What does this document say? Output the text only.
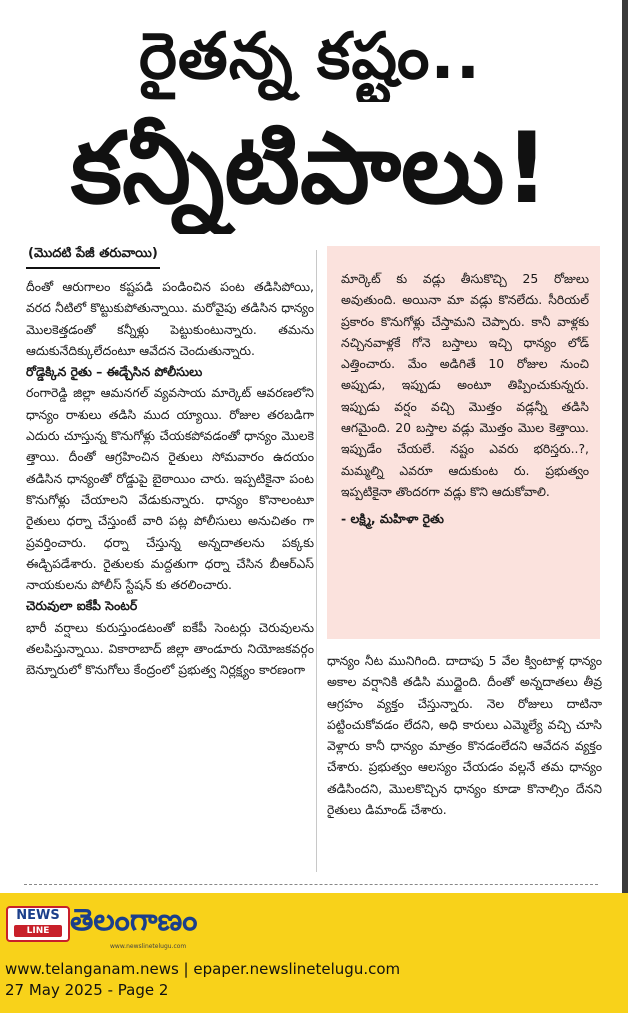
రైతన్న కష్టం..
కన్నీటిపాలు!
(మొదటి పేజీ తరువాయి)

దీంతో ఆరుగాలం కష్టపడి పండించిన పంట తడిసిపోయి, వరద నీటిలో కొట్టుకుపోతున్నాయి. మరోవైపు తడిసిన ధాన్యం మొలకెత్తడంతో కన్నీళ్లు పెట్టుకుంటున్నారు. తమను ఆదుకునేదిక్కులేదంటూ ఆవేదన చెందుతున్నారు.

రోడ్డెక్కిన రైతు – ఈడ్చేసిన పోలీసులు

రంగారెడ్డి జిల్లా ఆమనగల్ వ్యవసాయ మార్కెట్ ఆవరణలోని ధాన్యం రాశులు తడిసి ముద య్యాయి. రోజుల తరబడిగా ఎదురు చూస్తున్న కొనుగోళ్లు చేయకపోవడంతో ధాన్యం మొలకె త్తాయి. దీంతో ఆగ్రహించిన రైతులు సోమవారం ఉదయం తడిసిన ధాన్యంతో రోడ్డుపై బైఠాయిం చారు. ఇప్పటికైనా పంట కొనుగోళ్లు చేయాలని వేడుకున్నారు. ధాన్యం కొనాలంటూ రైతులు ధర్నా చేస్తుంటే వారి పట్ల పోలీసులు అనుచితం గా ప్రవర్తించారు. ధర్నా చేస్తున్న అన్నదాతలను పక్కకు ఈడ్చిపడేశారు. రైతులకు మద్దతుగా ధర్నా చేసిన బీఆర్ఎస్ నాయకులను పోలీస్ స్టేషన్ కు తరలించారు.

చెరువులా ఐకేపీ సెంటర్

భారీ వర్షాలు కురుస్తుండటంతో ఐకేపీ సెంటర్లు చెరువులను తలపిస్తున్నాయి. వికారాబాద్ జిల్లా తాండూరు నియోజకవర్గం బెన్నూరులో కొనుగోలు కేంద్రంలో ప్రభుత్వ నిర్లక్ష్యం కారణంగా

మార్కెట్ కు వడ్లు తీసుకొచ్చి 25 రోజులు అవుతుంది. అయినా మా వడ్లు కొనలేదు. సీరియల్ ప్రకారం కొనుగోళ్లు చేస్తామని చెప్పారు. కానీ వాళ్లకు నచ్చినవాళ్లకే గోనె బస్తాలు ఇచ్చి ధాన్యం లోడ్ ఎత్తించారు. మేం అడిగితే 10 రోజుల నుంచి అప్పుడు, ఇప్పుడు అంటూ తిప్పించుకున్నరు. ఇప్పుడు వర్షం వచ్చి మొత్తం వడ్లన్నీ తడిసి ఆగమైంది. 20 బస్తాల వడ్లు మొత్తం మొల కెత్తాయి. ఇప్పుడేం చేయలే. నష్టం ఎవరు భరిస్తరు..?, మమ్మల్ని ఎవరూ ఆదుకుంట రు. ప్రభుత్వం ఇప్పటికైనా తొందరగా వడ్లు కొని ఆదుకోవాలి.

- లక్ష్మి, మహిళా రైతు

ధాన్యం నీట మునిగింది. దాదాపు 5 వేల క్వింటాళ్ల ధాన్యం అకాల వర్షానికి తడిసి ముద్దైంది. దీంతో అన్నదాతలు తీవ్ర ఆగ్రహం వ్యక్తం చేస్తున్నారు. నెల రోజులు దాటినా పట్టించుకోవడం లేదని, అధి కారులు ఎమ్మెల్యే వచ్చి చూసి వెళ్లారు కానీ ధాన్యం మాత్రం కొనడంలేదని ఆవేదన వ్యక్తం చేశారు. ప్రభుత్వం ఆలస్యం చేయడం వల్లనే తమ ధాన్యం తడిసిందని, మొలకొచ్చిన ధాన్యం కూడా కొనాల్సిం దేనని రైతులు డిమాండ్ చేశారు.

NEWS
LINE తెలంగాణం
www.newslinetelugu.com
www.telanganam.news | epaper.newslinetelugu.com
27 May 2025 - Page 2
